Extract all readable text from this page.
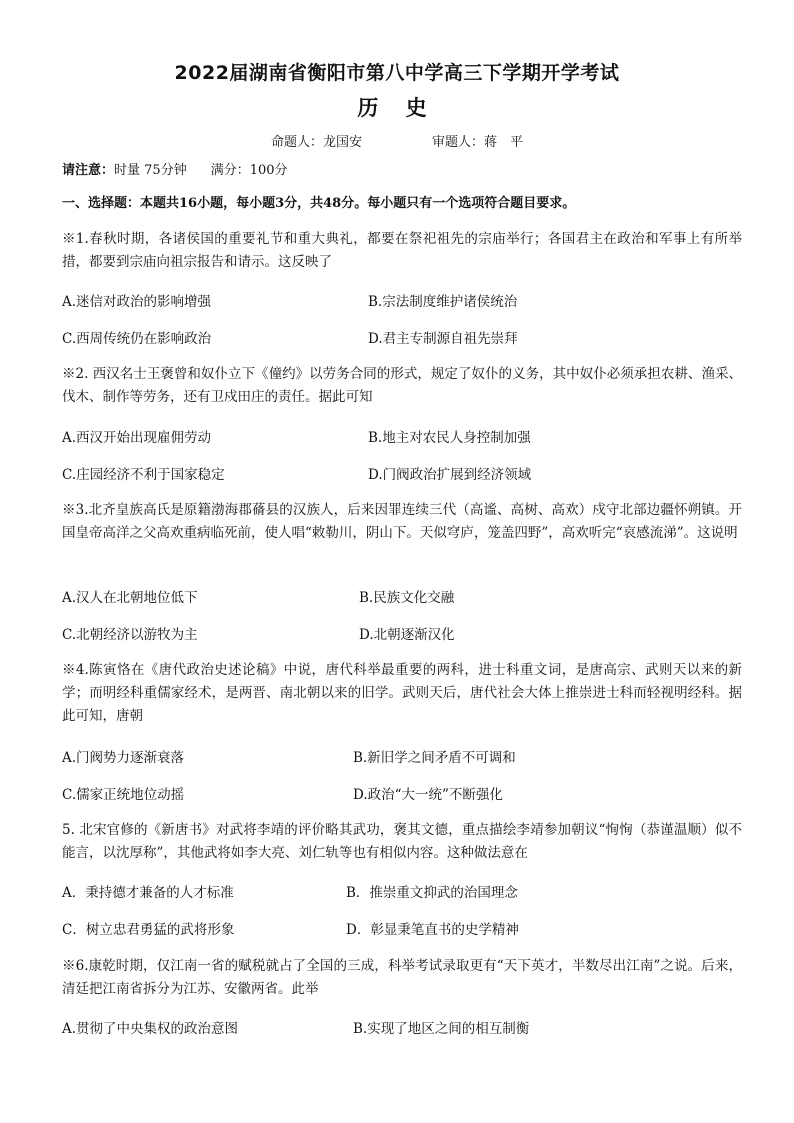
2022届湖南省衡阳市第八中学高三下学期开学考试
历 史
命题人：龙国安	审题人：蒋　平
请注意：时量 75分钟 满分：100分
一、选择题：本题共16小题，每小题3分，共48分。每小题只有一个选项符合题目要求。
※1.春秋时期，各诸侯国的重要礼节和重大典礼，都要在祭祀祖先的宗庙举行；各国君主在政治和军事上有所举措，都要到宗庙向祖宗报告和请示。这反映了
A.迷信对政治的影响增强	B.宗法制度维护诸侯统治
C.西周传统仍在影响政治	D.君主专制源自祖先崇拜
※2. 西汉名士王褒曾和奴仆立下《僮约》以劳务合同的形式，规定了奴仆的义务，其中奴仆必须承担农耕、渔采、伐木、制作等劳务，还有卫戍田庄的责任。据此可知
A.西汉开始出现雇佣劳动	B.地主对农民人身控制加强
C.庄园经济不利于国家稳定	D.门阀政治扩展到经济领域
※3.北齐皇族高氏是原籍渤海郡蓨县的汉族人，后来因罪连续三代（高谧、高树、高欢）戍守北部边疆怀朔镇。开国皇帝高洋之父高欢重病临死前，使人唱“敕勒川，阴山下。天似穹庐，笼盖四野”，高欢听完“哀感流涕”。这说明
A.汉人在北朝地位低下	B.民族文化交融
C.北朝经济以游牧为主	D.北朝逐渐汉化
※4.陈寅恪在《唐代政治史述论稿》中说，唐代科举最重要的两科，进士科重文词，是唐高宗、武则天以来的新学；而明经科重儒家经术，是两晋、南北朝以来的旧学。武则天后，唐代社会大体上推崇进士科而轻视明经科。据此可知，唐朝
A.门阀势力逐渐衰落	B.新旧学之间矛盾不可调和
C.儒家正统地位动摇	D.政治“大一统”不断强化
5. 北宋官修的《新唐书》对武将李靖的评价略其武功，褒其文德，重点描绘李靖参加朝议“恂恂（恭谨温顺）似不能言，以沈厚称”，其他武将如李大亮、刘仁轨等也有相似内容。这种做法意在
A．秉持德才兼备的人才标准	B．推崇重文抑武的治国理念
C．树立忠君勇猛的武将形象	D．彰显秉笔直书的史学精神
※6.康乾时期，仅江南一省的赋税就占了全国的三成，科举考试录取更有“天下英才，半数尽出江南”之说。后来，清廷把江南省拆分为江苏、安徽两省。此举
A.贯彻了中央集权的政治意图	B.实现了地区之间的相互制衡
